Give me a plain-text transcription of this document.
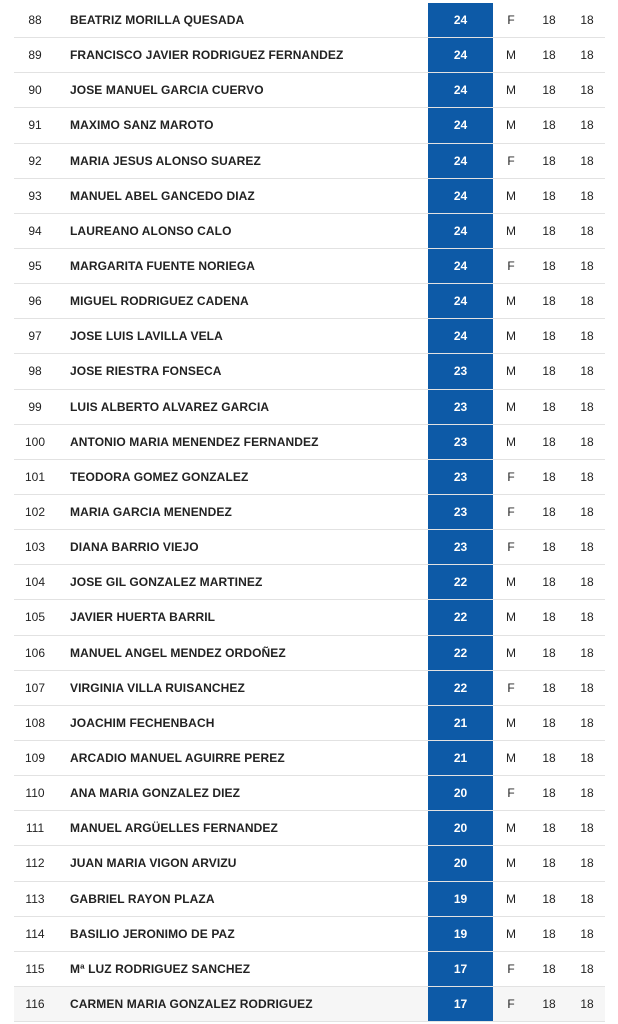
88	BEATRIZ MORILLA QUESADA	24	F	18	18
89	FRANCISCO JAVIER RODRIGUEZ FERNANDEZ	24	M	18	18
90	JOSE MANUEL GARCIA CUERVO	24	M	18	18
91	MAXIMO SANZ MAROTO	24	M	18	18
92	MARIA JESUS ALONSO SUAREZ	24	F	18	18
93	MANUEL ABEL GANCEDO DIAZ	24	M	18	18
94	LAUREANO ALONSO CALO	24	M	18	18
95	MARGARITA FUENTE NORIEGA	24	F	18	18
96	MIGUEL RODRIGUEZ CADENA	24	M	18	18
97	JOSE LUIS LAVILLA VELA	24	M	18	18
98	JOSE RIESTRA FONSECA	23	M	18	18
99	LUIS ALBERTO ALVAREZ GARCIA	23	M	18	18
100	ANTONIO MARIA MENENDEZ FERNANDEZ	23	M	18	18
101	TEODORA GOMEZ GONZALEZ	23	F	18	18
102	MARIA GARCIA MENENDEZ	23	F	18	18
103	DIANA BARRIO VIEJO	23	F	18	18
104	JOSE GIL GONZALEZ MARTINEZ	22	M	18	18
105	JAVIER HUERTA BARRIL	22	M	18	18
106	MANUEL ANGEL MENDEZ ORDOÑEZ	22	M	18	18
107	VIRGINIA VILLA RUISANCHEZ	22	F	18	18
108	JOACHIM FECHENBACH	21	M	18	18
109	ARCADIO MANUEL AGUIRRE PEREZ	21	M	18	18
110	ANA MARIA GONZALEZ DIEZ	20	F	18	18
111	MANUEL ARGÜELLES FERNANDEZ	20	M	18	18
112	JUAN MARIA VIGON ARVIZU	20	M	18	18
113	GABRIEL RAYON PLAZA	19	M	18	18
114	BASILIO JERONIMO DE PAZ	19	M	18	18
115	Mª LUZ RODRIGUEZ SANCHEZ	17	F	18	18
116	CARMEN MARIA GONZALEZ RODRIGUEZ	17	F	18	18
